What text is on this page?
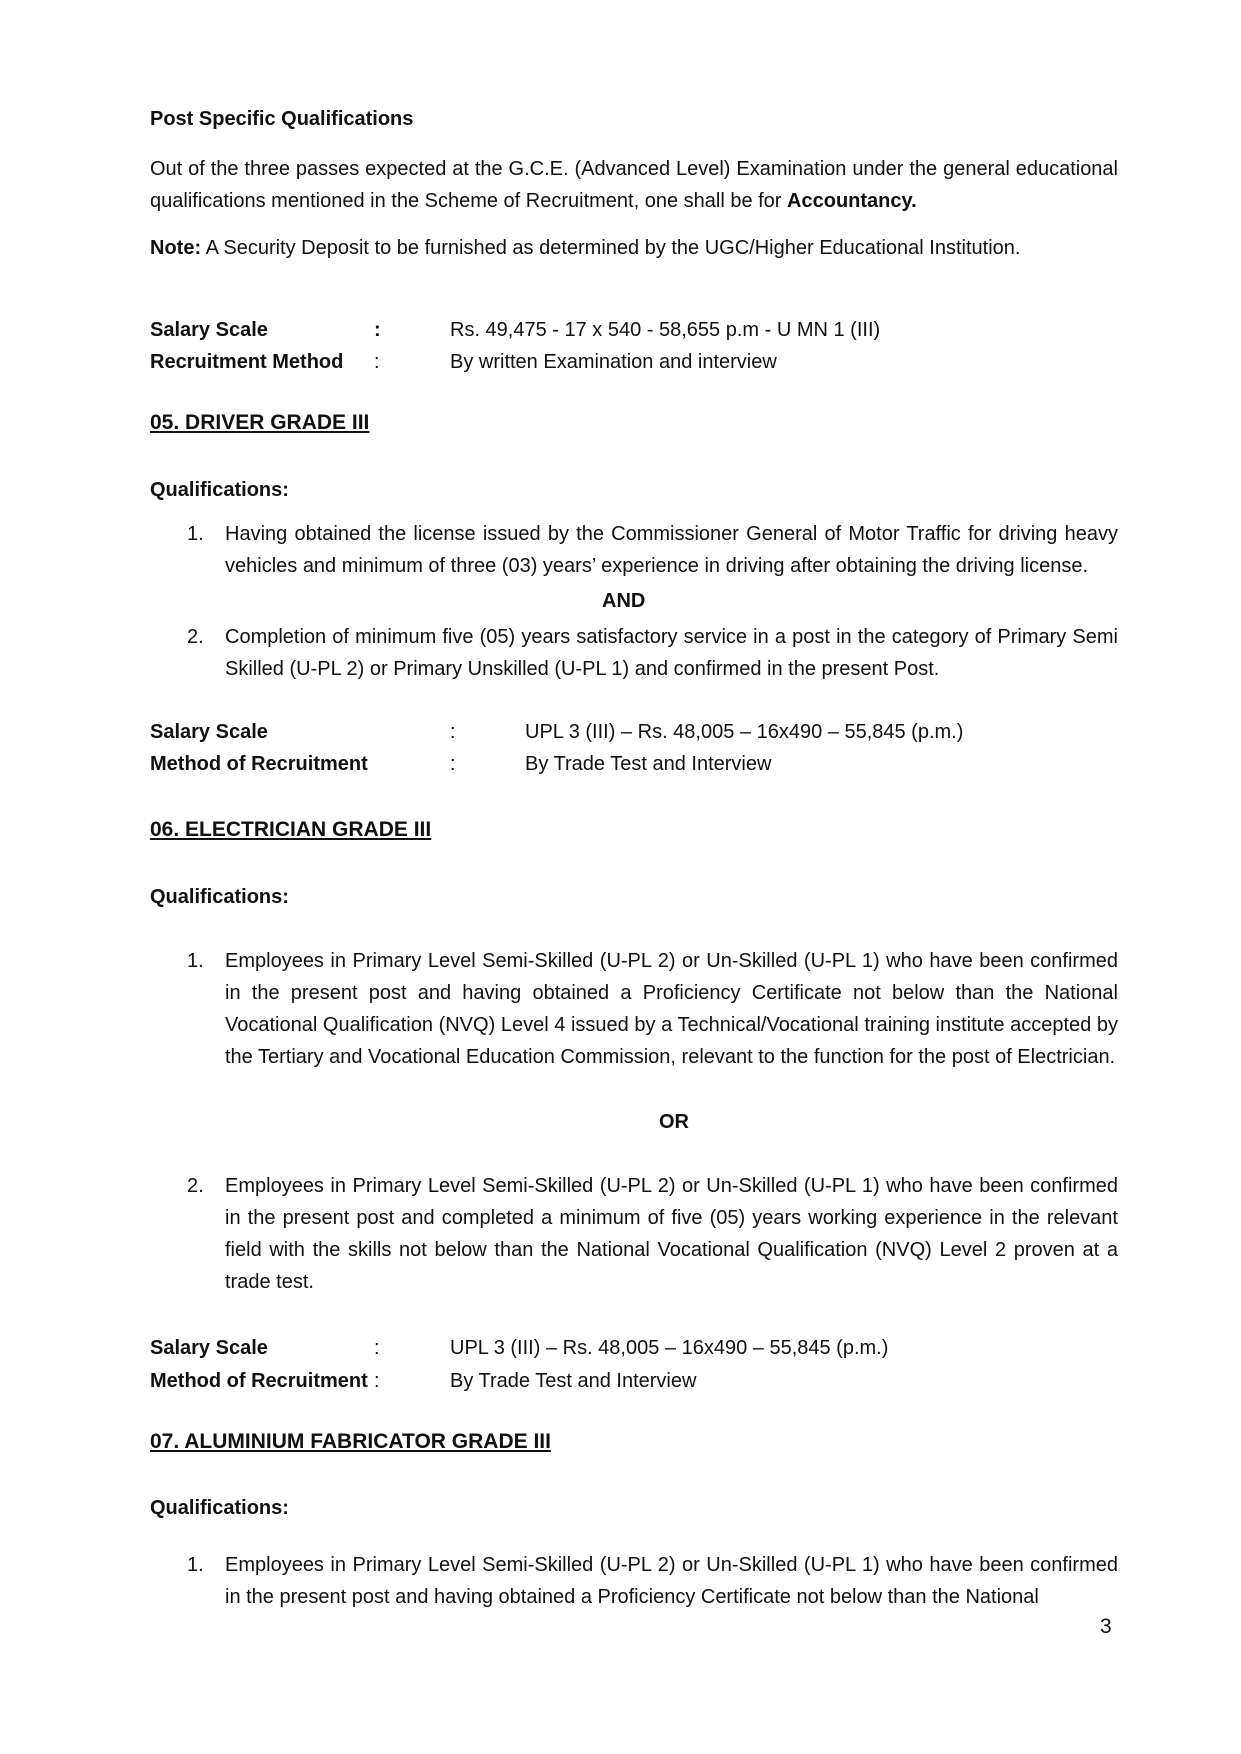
Post Specific Qualifications
Out of the three passes expected at the G.C.E. (Advanced Level) Examination under the general educational qualifications mentioned in the Scheme of Recruitment, one shall be for Accountancy.
Note: A Security Deposit to be furnished as determined by the UGC/Higher Educational Institution.
Salary Scale	:	Rs. 49,475 - 17 x 540 - 58,655 p.m - U MN 1 (III)
Recruitment Method :	By written Examination and interview
05. DRIVER GRADE III
Qualifications:
1. Having obtained the license issued by the Commissioner General of Motor Traffic for driving heavy vehicles and minimum of three (03) years’ experience in driving after obtaining the driving license.
AND
2. Completion of minimum five (05) years satisfactory service in a post in the category of Primary Semi Skilled (U-PL 2) or Primary Unskilled (U-PL 1) and confirmed in the present Post.
Salary Scale	:	UPL 3 (III) – Rs. 48,005 – 16x490 – 55,845 (p.m.)
Method of Recruitment	:	By Trade Test and Interview
06. ELECTRICIAN GRADE III
Qualifications:
1. Employees in Primary Level Semi-Skilled (U-PL 2) or Un-Skilled (U-PL 1) who have been confirmed in the present post and having obtained a Proficiency Certificate not below than the National Vocational Qualification (NVQ) Level 4 issued by a Technical/Vocational training institute accepted by the Tertiary and Vocational Education Commission, relevant to the function for the post of Electrician.
OR
2. Employees in Primary Level Semi-Skilled (U-PL 2) or Un-Skilled (U-PL 1) who have been confirmed in the present post and completed a minimum of five (05) years working experience in the relevant field with the skills not below than the National Vocational Qualification (NVQ) Level 2 proven at a trade test.
Salary Scale	:	UPL 3 (III) – Rs. 48,005 – 16x490 – 55,845 (p.m.)
Method of Recruitment :	By Trade Test and Interview
07. ALUMINIUM FABRICATOR GRADE III
Qualifications:
1. Employees in Primary Level Semi-Skilled (U-PL 2) or Un-Skilled (U-PL 1) who have been confirmed in the present post and having obtained a Proficiency Certificate not below than the National
3
